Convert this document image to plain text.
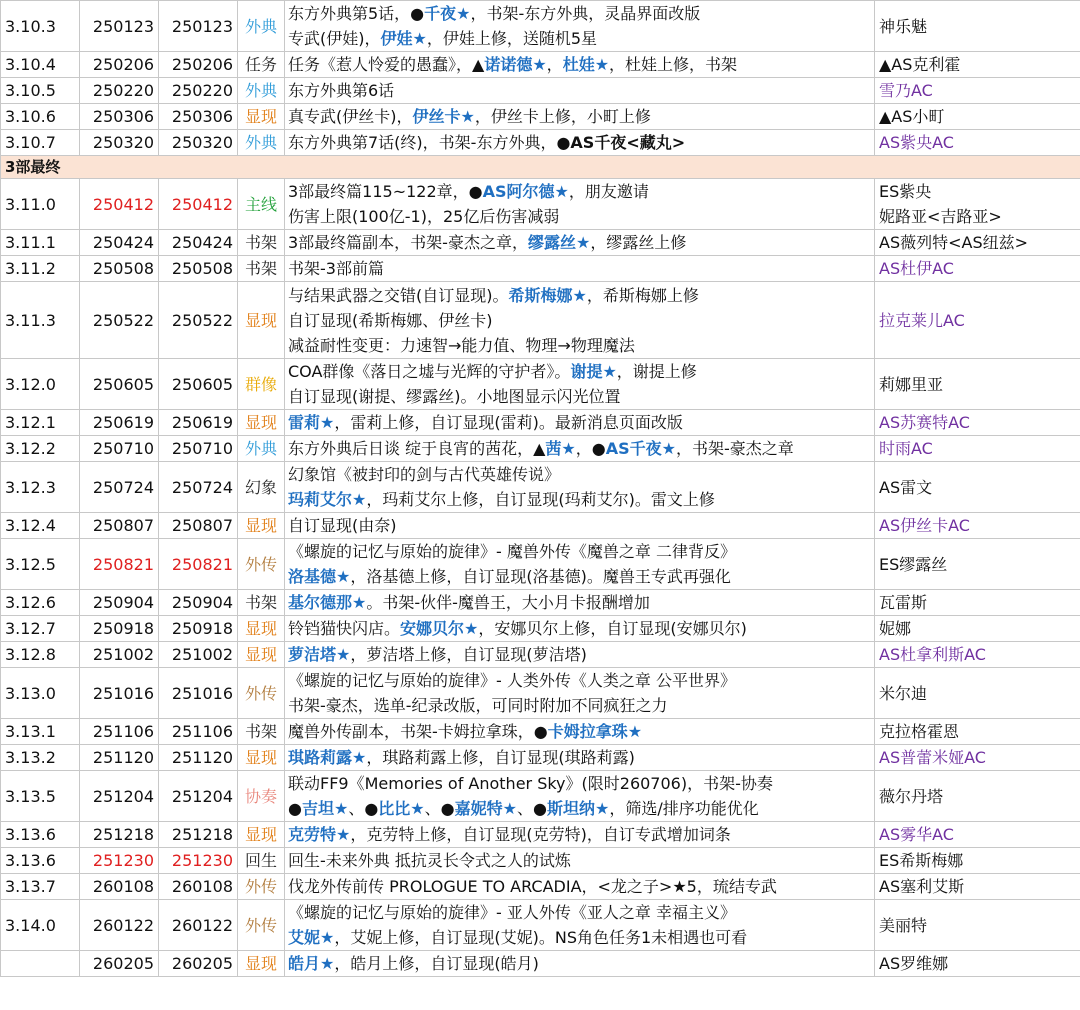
3.10.3	250123	250123	外典	东方外典第5话，●千夜★，书架-东方外典，灵晶界面改版
专武(伊娃)，伊娃★，伊娃上修，送随机5星	神乐魅

3.10.4	250206	250206	任务	任务《惹人怜爱的愚蠢》，▲诺诺德★，杜娃★，杜娃上修，书架	▲AS克利霍

3.10.5	250220	250220	外典	东方外典第6话	雪乃AC

3.10.6	250306	250306	显现	真专武(伊丝卡)，伊丝卡★，伊丝卡上修，小町上修	▲AS小町

3.10.7	250320	250320	外典	东方外典第7话(终)，书架-东方外典，●AS千夜<藏丸>	AS紫央AC

3部最终					
3.11.0	250412	250412	主线	3部最终篇115~122章，●AS阿尔德★，朋友邀请
伤害上限(100亿-1)，25亿后伤害减弱	ES紫央
妮路亚<吉路亚>

3.11.1	250424	250424	书架	3部最终篇副本，书架-豪杰之章，缪露丝★，缪露丝上修	AS薇列特<AS纽兹>

3.11.2	250508	250508	书架	书架-3部前篇	AS杜伊AC

3.11.3	250522	250522	显现	与结果武器之交错(自订显现)。希斯梅娜★，希斯梅娜上修
自订显现(希斯梅娜、伊丝卡)
减益耐性变更：力速智→能力值、物理→物理魔法	拉克莱儿AC

3.12.0	250605	250605	群像	COA群像《落日之墟与光辉的守护者》。谢提★，谢提上修
自订显现(谢提、缪露丝)。小地图显示闪光位置	莉娜里亚

3.12.1	250619	250619	显现	雷莉★，雷莉上修，自订显现(雷莉)。最新消息页面改版	AS苏赛特AC

3.12.2	250710	250710	外典	东方外典后日谈 绽于良宵的茜花，▲茜★，●AS千夜★，书架-豪杰之章	时雨AC

3.12.3	250724	250724	幻象	幻象馆《被封印的剑与古代英雄传说》
玛莉艾尔★，玛莉艾尔上修，自订显现(玛莉艾尔)。雷文上修	AS雷文

3.12.4	250807	250807	显现	自订显现(由奈)	AS伊丝卡AC

3.12.5	250821	250821	外传	《螺旋的记忆与原始的旋律》- 魔兽外传《魔兽之章 二律背反》
洛基德★，洛基德上修，自订显现(洛基德)。魔兽王专武再强化	ES缪露丝

3.12.6	250904	250904	书架	基尔德那★。书架-伙伴-魔兽王，大小月卡报酬增加	瓦雷斯

3.12.7	250918	250918	显现	铃铛猫快闪店。安娜贝尔★，安娜贝尔上修，自订显现(安娜贝尔)	妮娜

3.12.8	251002	251002	显现	萝洁塔★，萝洁塔上修，自订显现(萝洁塔)	AS杜拿利斯AC

3.13.0	251016	251016	外传	《螺旋的记忆与原始的旋律》- 人类外传《人类之章 公平世界》
书架-豪杰，选单-纪录改版，可同时附加不同疯狂之力	米尔迪

3.13.1	251106	251106	书架	魔兽外传副本，书架-卡姆拉拿珠，●卡姆拉拿珠★	克拉格霍恩

3.13.2	251120	251120	显现	琪路莉露★，琪路莉露上修，自订显现(琪路莉露)	AS普蕾米娅AC

3.13.5	251204	251204	协奏	联动FF9《Memories of Another Sky》(限时260706)，书架-协奏
●吉坦★、●比比★、●嘉妮特★、●斯坦纳★，筛选/排序功能优化	薇尔丹塔

3.13.6	251218	251218	显现	克劳特★，克劳特上修，自订显现(克劳特)，自订专武增加词条	AS雾华AC

3.13.6	251230	251230	回生	回生-未来外典 抵抗灵长令式之人的试炼	ES希斯梅娜

3.13.7	260108	260108	外传	伐龙外传前传 PROLOGUE TO ARCADIA，<龙之子>★5，琉结专武	AS塞利艾斯

3.14.0	260122	260122	外传	《螺旋的记忆与原始的旋律》- 亚人外传《亚人之章 幸福主义》
艾妮★，艾妮上修，自订显现(艾妮)。NS角色任务1未相遇也可看	美丽特

	260205	260205	显现	皓月★，皓月上修，自订显现(皓月)	AS罗维娜
